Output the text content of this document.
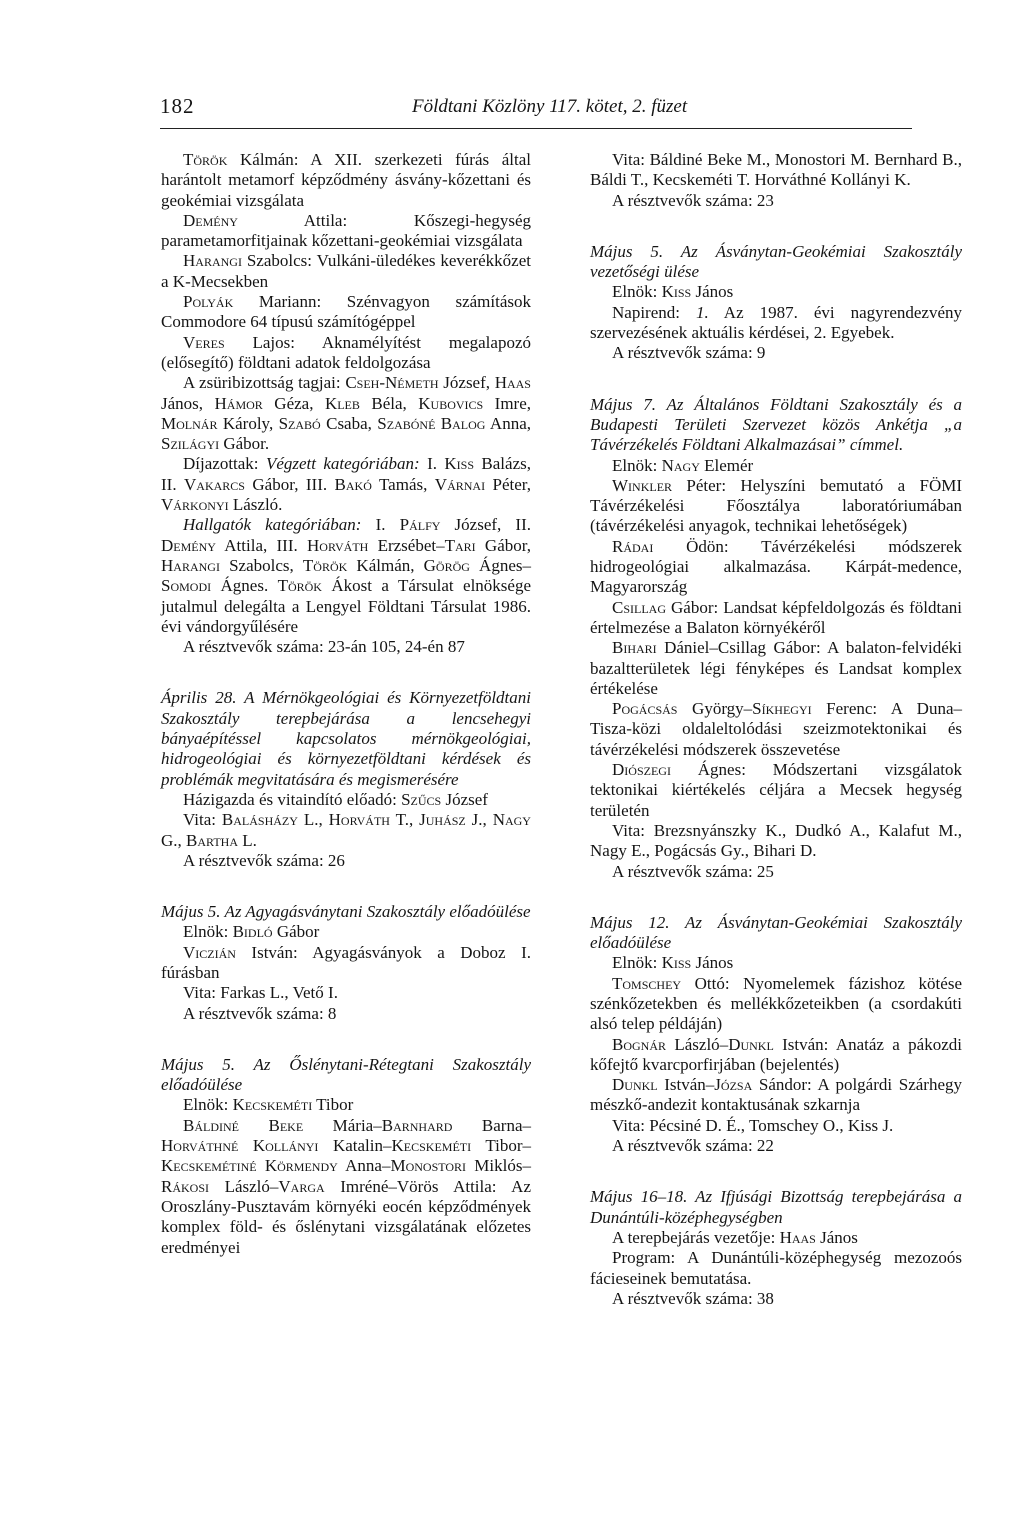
182	Földtani Közlöny 117. kötet, 2. füzet

Török Kálmán: A XII. szerkezeti fúrás által harántolt metamorf képződmény ásvány-kőzettani és geokémiai vizsgálata

Demény Attila: Kőszegi-hegység parametamorfitjainak kőzettani-geokémiai vizsgálata

Harangi Szabolcs: Vulkáni-üledékes keverékkőzet a K-Mecsekben

Polyák Mariann: Szénvagyon számítások Commodore 64 típusú számítógéppel

Veres Lajos: Aknamélyítést megalapozó (elősegítő) földtani adatok feldolgozása

A zsüribizottság tagjai: Cseh-Németh József, Haas János, Hámor Géza, Kleb Béla, Kubovics Imre, Molnár Károly, Szabó Csaba, Szabóné Balog Anna, Szilágyi Gábor.

Díjazottak: Végzett kategóriában: I. Kiss Balázs, II. Vakarcs Gábor, III. Bakó Tamás, Várnai Péter, Várkonyi László.

Hallgatók kategóriában: I. Pálfy József, II. Demény Attila, III. Horváth Erzsébet–Tari Gábor, Harangi Szabolcs, Török Kálmán, Görög Ágnes–Somodi Ágnes. Török Ákost a Társulat elnöksége jutalmul delegálta a Lengyel Földtani Társulat 1986. évi vándorgyűlésére

A résztvevők száma: 23-án 105, 24-én 87

Április 28. A Mérnökgeológiai és Környezetföldtani Szakosztály terepbejárása a lencsehegyi bányaépítéssel kapcsolatos mérnökgeológiai, hidrogeológiai és környezetföldtani kérdések és problémák megvitatására és megismerésére

Házigazda és vitaindító előadó: Szűcs József

Vita: Balásházy L., Horváth T., Juhász J., Nagy G., Bartha L.

A résztvevők száma: 26

Május 5. Az Agyagásványtani Szakosztály előadóülése

Elnök: Bidló Gábor

Viczián István: Agyagásványok a Doboz I. fúrásban

Vita: Farkas L., Vető I.

A résztvevők száma: 8

Május 5. Az Őslénytani-Rétegtani Szakosztály előadóülése

Elnök: Kecskeméti Tibor

Báldiné Beke Mária–Barnhard Barna–Horváthné Kollányi Katalin–Kecskeméti Tibor–Kecskemétiné Körmendy Anna–Monostori Miklós–Rákosi László–Varga Imréné–Vörös Attila: Az Oroszlány-Pusztavám környéki eocén képződmények komplex föld- és őslénytani vizsgálatának előzetes eredményei

Vita: Báldiné Beke M., Monostori M. Bernhard B., Báldi T., Kecskeméti T. Horváthné Kollányi K.

A résztvevők száma: 23

Május 5. Az Ásványtan-Geokémiai Szakosztály vezetőségi ülése

Elnök: Kiss János

Napirend: 1. Az 1987. évi nagyrendezvény szervezésének aktuális kérdései, 2. Egyebek.

A résztvevők száma: 9

Május 7. Az Általános Földtani Szakosztály és a Budapesti Területi Szervezet közös Ankétja „a Távérzékelés Földtani Alkalmazásai” címmel.

Elnök: Nagy Elemér

Winkler Péter: Helyszíni bemutató a FÖMI Távérzékelési Főosztálya laboratóriumában (távérzékelési anyagok, technikai lehetőségek)

Rádai Ödön: Távérzékelési módszerek hidrogeológiai alkalmazása. Kárpát-medence, Magyarország

Csillag Gábor: Landsat képfeldolgozás és földtani értelmezése a Balaton környékéről

Bihari Dániel–Csillag Gábor: A balaton-felvidéki bazaltterületek légi fényképes és Landsat komplex értékelése

Pogácsás György–Síkhegyi Ferenc: A Duna–Tisza-közi oldaleltolódási szeizmotektonikai és távérzékelési módszerek összevetése

Diószegi Ágnes: Módszertani vizsgálatok tektonikai kiértékelés céljára a Mecsek hegység területén

Vita: Brezsnyánszky K., Dudkó A., Kalafut M., Nagy E., Pogácsás Gy., Bihari D.

A résztvevők száma: 25

Május 12. Az Ásványtan-Geokémiai Szakosztály előadóülése

Elnök: Kiss János

Tomschey Ottó: Nyomelemek fázishoz kötése szénkőzetekben és mellékkőzeteikben (a csordakúti alsó telep példáján)

Bognár László–Dunkl István: Anatáz a pákozdi kőfejtő kvarcporfirjában (bejelentés)

Dunkl István–Józsa Sándor: A polgárdi Szárhegy mészkő-andezit kontaktusának szkarnja

Vita: Pécsiné D. É., Tomschey O., Kiss J.

A résztvevők száma: 22

Május 16–18. Az Ifjúsági Bizottság terepbejárása a Dunántúli-középhegységben

A terepbejárás vezetője: Haas János

Program: A Dunántúli-középhegység mezozoós fácieseinek bemutatása.

A résztvevők száma: 38
